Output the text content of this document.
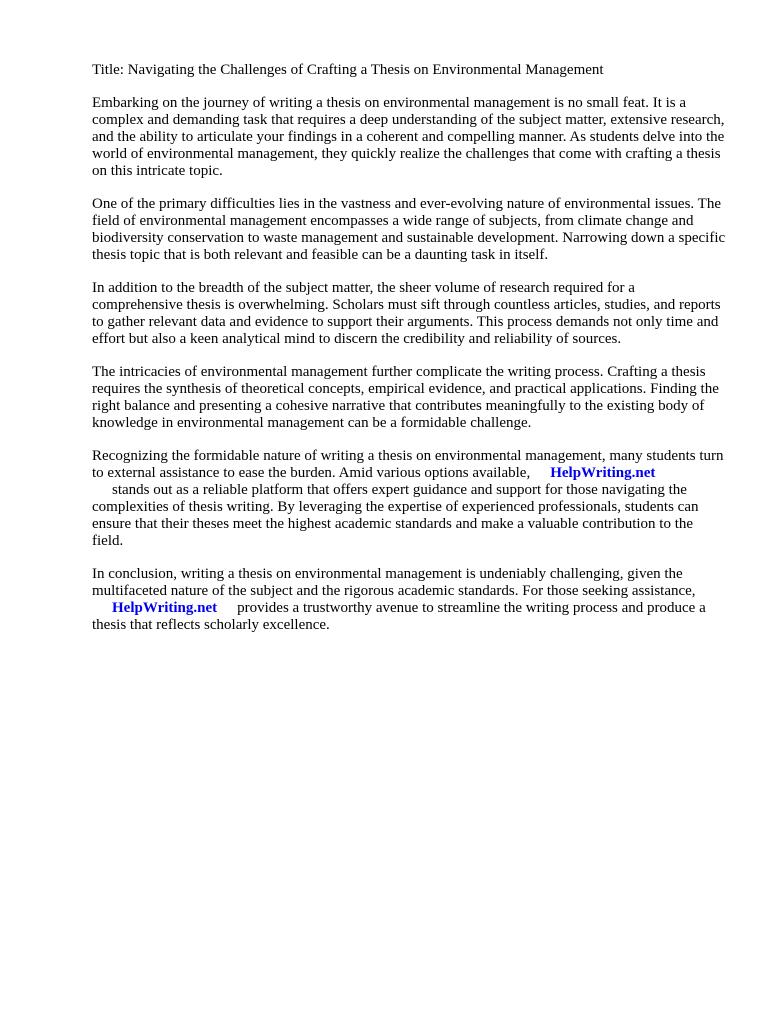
Title: Navigating the Challenges of Crafting a Thesis on Environmental Management

Embarking on the journey of writing a thesis on environmental management is no small feat. It is a complex and demanding task that requires a deep understanding of the subject matter, extensive research, and the ability to articulate your findings in a coherent and compelling manner. As students delve into the world of environmental management, they quickly realize the challenges that come with crafting a thesis on this intricate topic.

One of the primary difficulties lies in the vastness and ever-evolving nature of environmental issues. The field of environmental management encompasses a wide range of subjects, from climate change and biodiversity conservation to waste management and sustainable development. Narrowing down a specific thesis topic that is both relevant and feasible can be a daunting task in itself.

In addition to the breadth of the subject matter, the sheer volume of research required for a comprehensive thesis is overwhelming. Scholars must sift through countless articles, studies, and reports to gather relevant data and evidence to support their arguments. This process demands not only time and effort but also a keen analytical mind to discern the credibility and reliability of sources.

The intricacies of environmental management further complicate the writing process. Crafting a thesis requires the synthesis of theoretical concepts, empirical evidence, and practical applications. Finding the right balance and presenting a cohesive narrative that contributes meaningfully to the existing body of knowledge in environmental management can be a formidable challenge.

Recognizing the formidable nature of writing a thesis on environmental management, many students turn to external assistance to ease the burden. Amid various options available, HelpWriting.net
stands out as a reliable platform that offers expert guidance and support for those navigating the complexities of thesis writing. By leveraging the expertise of experienced professionals, students can ensure that their theses meet the highest academic standards and make a valuable contribution to the field.

In conclusion, writing a thesis on environmental management is undeniably challenging, given the multifaceted nature of the subject and the rigorous academic standards. For those seeking assistance,
HelpWriting.net provides a trustworthy avenue to streamline the writing process and produce a thesis that reflects scholarly excellence.
